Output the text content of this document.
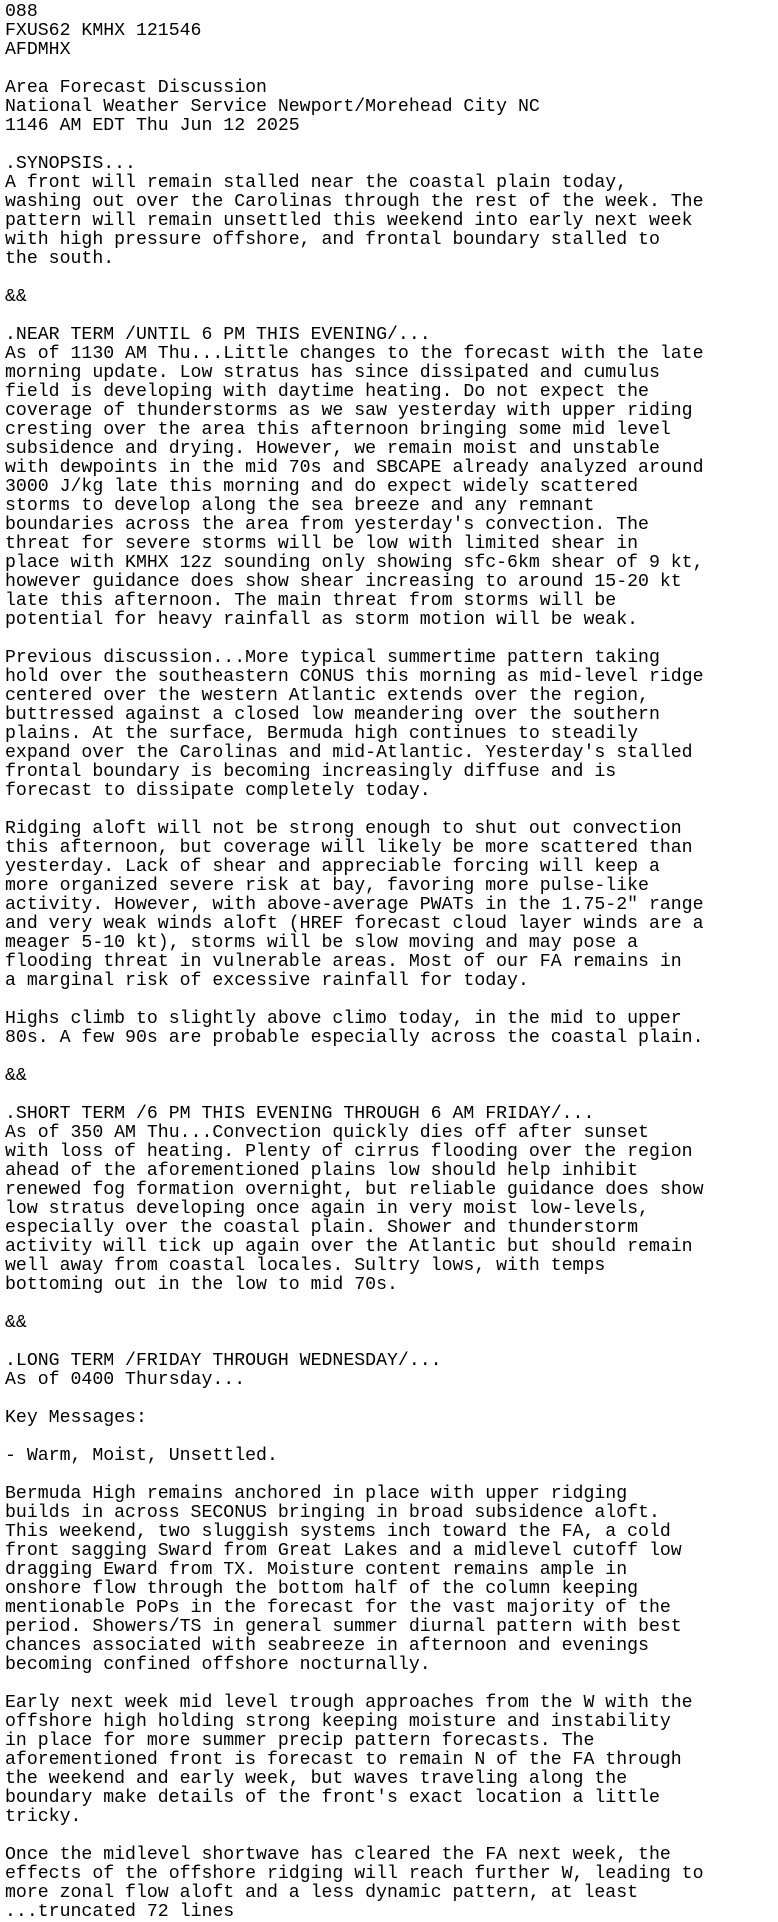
088
FXUS62 KMHX 121546
AFDMHX

Area Forecast Discussion
National Weather Service Newport/Morehead City NC
1146 AM EDT Thu Jun 12 2025

.SYNOPSIS...
A front will remain stalled near the coastal plain today,
washing out over the Carolinas through the rest of the week. The
pattern will remain unsettled this weekend into early next week
with high pressure offshore, and frontal boundary stalled to
the south.

&&

.NEAR TERM /UNTIL 6 PM THIS EVENING/...
As of 1130 AM Thu...Little changes to the forecast with the late
morning update. Low stratus has since dissipated and cumulus
field is developing with daytime heating. Do not expect the
coverage of thunderstorms as we saw yesterday with upper riding
cresting over the area this afternoon bringing some mid level
subsidence and drying. However, we remain moist and unstable
with dewpoints in the mid 70s and SBCAPE already analyzed around
3000 J/kg late this morning and do expect widely scattered
storms to develop along the sea breeze and any remnant
boundaries across the area from yesterday's convection. The
threat for severe storms will be low with limited shear in
place with KMHX 12z sounding only showing sfc-6km shear of 9 kt,
however guidance does show shear increasing to around 15-20 kt
late this afternoon. The main threat from storms will be
potential for heavy rainfall as storm motion will be weak.

Previous discussion...More typical summertime pattern taking
hold over the southeastern CONUS this morning as mid-level ridge
centered over the western Atlantic extends over the region,
buttressed against a closed low meandering over the southern
plains. At the surface, Bermuda high continues to steadily
expand over the Carolinas and mid-Atlantic. Yesterday's stalled
frontal boundary is becoming increasingly diffuse and is
forecast to dissipate completely today.

Ridging aloft will not be strong enough to shut out convection
this afternoon, but coverage will likely be more scattered than
yesterday. Lack of shear and appreciable forcing will keep a
more organized severe risk at bay, favoring more pulse-like
activity. However, with above-average PWATs in the 1.75-2" range
and very weak winds aloft (HREF forecast cloud layer winds are a
meager 5-10 kt), storms will be slow moving and may pose a
flooding threat in vulnerable areas. Most of our FA remains in
a marginal risk of excessive rainfall for today.

Highs climb to slightly above climo today, in the mid to upper
80s. A few 90s are probable especially across the coastal plain.

&&

.SHORT TERM /6 PM THIS EVENING THROUGH 6 AM FRIDAY/...
As of 350 AM Thu...Convection quickly dies off after sunset
with loss of heating. Plenty of cirrus flooding over the region
ahead of the aforementioned plains low should help inhibit
renewed fog formation overnight, but reliable guidance does show
low stratus developing once again in very moist low-levels,
especially over the coastal plain. Shower and thunderstorm
activity will tick up again over the Atlantic but should remain
well away from coastal locales. Sultry lows, with temps
bottoming out in the low to mid 70s.

&&

.LONG TERM /FRIDAY THROUGH WEDNESDAY/...
As of 0400 Thursday...

Key Messages:

- Warm, Moist, Unsettled.

Bermuda High remains anchored in place with upper ridging
builds in across SECONUS bringing in broad subsidence aloft.
This weekend, two sluggish systems inch toward the FA, a cold
front sagging Sward from Great Lakes and a midlevel cutoff low
dragging Eward from TX. Moisture content remains ample in
onshore flow through the bottom half of the column keeping
mentionable PoPs in the forecast for the vast majority of the
period. Showers/TS in general summer diurnal pattern with best
chances associated with seabreeze in afternoon and evenings
becoming confined offshore nocturnally.

Early next week mid level trough approaches from the W with the
offshore high holding strong keeping moisture and instability
in place for more summer precip pattern forecasts. The
aforementioned front is forecast to remain N of the FA through
the weekend and early week, but waves traveling along the
boundary make details of the front's exact location a little
tricky.

Once the midlevel shortwave has cleared the FA next week, the
effects of the offshore ridging will reach further W, leading to
more zonal flow aloft and a less dynamic pattern, at least
...truncated 72 lines
